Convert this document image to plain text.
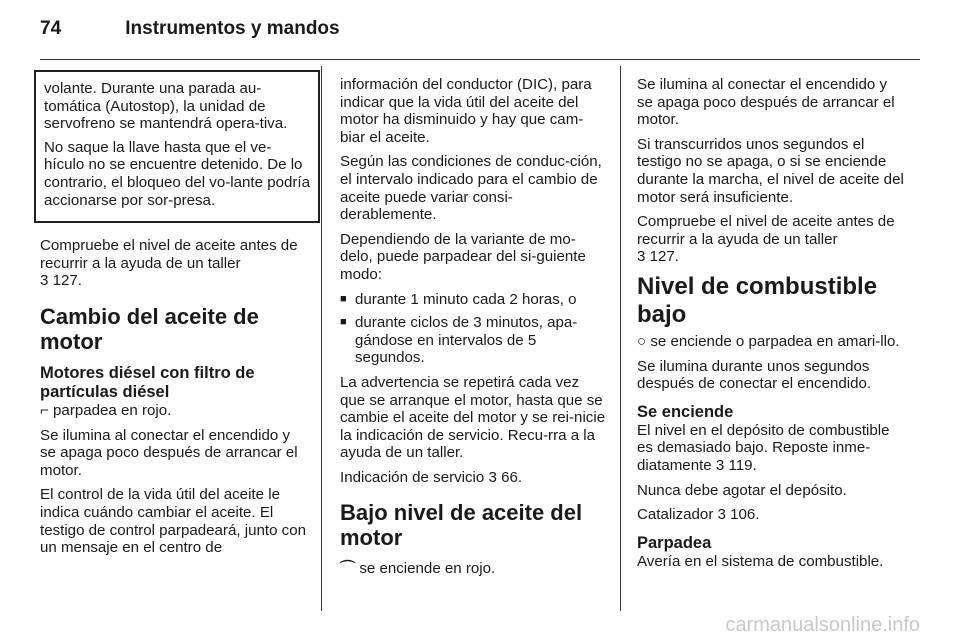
74	Instrumentos y mandos

volante. Durante una parada au-tomática (Autostop), la unidad de servofreno se mantendrá opera-tiva.

No saque la llave hasta que el ve-hículo no se encuentre detenido. De lo contrario, el bloqueo del vo-lante podría accionarse por sor-presa.

Compruebe el nivel de aceite antes de recurrir a la ayuda de un taller
3 127.

Cambio del aceite de motor
Motores diésel con filtro de partículas diésel

⌐ parpadea en rojo.

Se ilumina al conectar el encendido y se apaga poco después de arrancar el motor.

El control de la vida útil del aceite le indica cuándo cambiar el aceite. El testigo de control parpadeará, junto con un mensaje en el centro de

información del conductor (DIC), para indicar que la vida útil del aceite del motor ha disminuido y hay que cam-biar el aceite.

Según las condiciones de conduc-ción, el intervalo indicado para el cambio de aceite puede variar consi-derablemente.

Dependiendo de la variante de mo-delo, puede parpadear del si-guiente modo:

■ durante 1 minuto cada 2 horas, o
■ durante ciclos de 3 minutos, apa-gándose en intervalos de 5 segundos.

La advertencia se repetirá cada vez que se arranque el motor, hasta que se cambie el aceite del motor y se rei-nicie la indicación de servicio. Recu-rra a la ayuda de un taller.

Indicación de servicio 3 66.

Bajo nivel de aceite del motor

⌒ se enciende en rojo.

Se ilumina al conectar el encendido y se apaga poco después de arrancar el motor.

Si transcurridos unos segundos el testigo no se apaga, o si se enciende durante la marcha, el nivel de aceite del motor será insuficiente.

Compruebe el nivel de aceite antes de recurrir a la ayuda de un taller
3 127.

Nivel de combustible bajo

○ se enciende o parpadea en amari-llo.

Se ilumina durante unos segundos después de conectar el encendido.

Se enciende

El nivel en el depósito de combustible es demasiado bajo. Reposte inme-diatamente 3 119.

Nunca debe agotar el depósito.

Catalizador 3 106.

Parpadea

Avería en el sistema de combustible.

carmanualsonline.info
